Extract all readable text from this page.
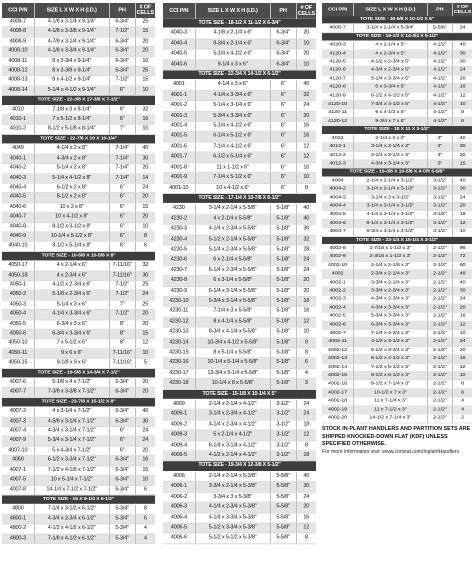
CCI P/N	SIZE L X W X H (I.D.)	PH	# OF CELLS
4008-7	4-1/8 x 3-1/4 x 9-1/4"	6-3/4"	25
4008-8	4-1/8 x 3-3/8 x 9-1/4"	7-1/2"	15
4008-9	4-7/8 x 3-1/4 x 9-1/4"	6-3/4"	20
4008-10	4-1/8 x 3-3/4 x 9-1/4"	6-3/4"	20
4008-11	8 x 3-3/4 x 9-1/4"	6-3/4"	10
4008-12	8 x 3-3/8 x 9-1/4"	6-3/4"	25
4008-13	8 x 4-1/2 x 9-1/4"	7-1/2"	15
4008-14	5-1/4 x 4-1/2 x 9-1/4"	6"	10
TOTE SIZE - 22-3/8 X 17-3/8 X 7-1/2"			
4010	7-1/8 x 3 x 8-1/4"	6"	32
4010-1	7 x 5-1/2 x 8-1/4"	6"	16
4010-2	8-1/2 x 5-1/8 x 8-1/4"	7"	10
TOTE SIZE - 22-7/8 X 10 X 10-1/4"			
4040	4-1/4 x 2 x 8"	7-1/4"	40
4040-1	4-3/4 x 2 x 8"	7-1/4"	30
4040-2	5-1/4 x 2 x 8"	7-1/4"	20
4040-3	5-1/4 x 4-1/2 x 8"	7-1/4"	14
4040-4	6-1/2 x 2 x 8"	6"	24
4040-5	8-1/2 x 2 x 8"	6"	20
4040-6	10 x 2 x 8"	6"	15
4040-7	10 x 4-1/2 x 8"	6"	20
4040-8	8-1/2 x 3-1/2 x 8"	6"	10
4040-9	10-1/4 x 5-1/2 x 8"	6"	8
4040-10	8-1/2 x 5-1/4 x 8"	6"	6
TOTE SIZE - 10-5/8 X 10-5/8 X 8"			
4050-17	4 x 2-1/4 x 6"	7-11/16"	32
4050-18	4 x 2-3/4 x 6"	7-11/16"	30
4050-1	4-1/2 x 2-3/4 x 6"	7-1/2"	25
4050-2	5-1/8 x 2-3/4 x 6"	7-1/2"	24
4050-3	5-1/4 x 3 x 6"	7"	25
4050-4	4-1/4 x 3-3/4 x 6"	7-1/2"	20
4050-5	6-3/4 x 3 x 6"	8"	20
4050-6	6-3/4 x 3-3/4 x 6"	8"	15
4050-10	7 x 5-1/2 x 6"	8"	12
4050-11	9 x 6 x 6"	7-11/16"	10
4050-15	9-1/8 x 9 x 6"	7-11/16"	5
TOTE SIZE - 19-5/8 X 14-3/4 X 7-1/2"			
4007-6	5-1/8 x 4 x 7-1/2"	6-3/4"	20
4007-7	7-3/8 x 3-3/8 x 7-1/2"	6-3/4"	20
TOTE SIZE - 23-7/8 X 15-1/2 X 8"			
4007-2	4 x 3-1/4 x 7-1/2"	6-3/4"	40
4007-3	4-5/8 x 3-1/4 x 7-1/2"	6-3/4"	30
4007-4	4-3/4 x 3-1/4 x 7-1/2"	6"	24
4007-9	5-3/4 x 3-1/4 x 7-1/2"	6"	24
4007-10	5 x 4-3/4 x 7-1/2"	6"	20
4060	6-1/2 x 3-3/4 x 7-1/2"	6-3/4"	16
4007-1	7-1/2 x 4-1/8 x 7-1/2"	6-3/4"	15
4007-5	10 x 5-1/4 x 7-1/2"	6-3/4"	10
4007-8	14-1/4 x 7-1/2 x 7-1/2"	6-3/4"	6
TOTE SIZE - 15 X 9-1/4 X 6-1/2"			
4800	7-1/4 x 3-1/2 x 6-1/2"	5-3/4"	8
4800-1	4-3/4 x 2-3/4 x 6-1/2"	5-3/4"	6
4800-2	4-1/2 x 4-1/2 x 6-1/2"	5-3/4"	4
4800-3	7-1/8 x 4-1/2 x 6-1/2"	5-3/4"	4
CCI P/N	SIZE L X W X H (I.D.)	PH	# OF CELLS
TOTE SIZE - 18-1/2 X 11-1/2 X 6-3/4"			
4040-3	4-1/8 x 2-1/4 x 6"	6-3/4"	20
4040-4	8-3/4 x 2-1/4 x 6"	6-3/4"	10
4040-5	5-1/4 x 4-1/2 x 6"	6-3/4"	20
4040-6	9-1/4 x 3 x 6"	6-3/4"	10
TOTE SIZE - 22-3/4 X 14-1/2 X 6-1/2"			
4001	4-1/4 x 3 x 6"	6"	40
4001-1	4-1/4 x 3-3/4 x 6"	6"	32
4001-2	5-1/4 x 3-1/4 x 6"	6"	24
4001-3	5-3/4 x 3-3/4 x 6"	6"	20
4001-4	5-1/4 x 4-1/2 x 6"	6"	16
4001-5	6-1/4 x 5-1/2 x 6"	6"	16
4001-6	7-1/4 x 4-1/2 x 6"	6"	12
4001-7	6-1/2 x 5-1/4 x 6"	6"	12
4001-8	11 x 1-1/2 x 6"	6"	10
4001-9	7-1/4 x 5-1/2 x 6"	6"	10
4001-10	10 x 4-1/2 x 6"	6"	8
TOTE SIZE - 17-1/4 X 10-7/8 X 6-1/2"			
4230	3-1/4 x 2-1/4 x 5-5/8"	5-1/8"	40
4230-2	4 x 2-1/4 x 5-5/8"	5-1/8"	40
4230-3	4-1/4 x 2-3/4 x 5-5/8"	5-1/8"	30
4230-4	5-1/2 x 2-1/4 x 5-5/8"	5-1/8"	32
4230-5	5-1/4 x 2-3/4 x 5-5/8"	5-1/8"	28
4230-6	6 x 2-1/4 x 5-5/8"	5-1/8"	24
4230-7	6-1/4 x 2-3/4 x 5-5/8"	5-1/8"	24
4230-8	6 x 3-1/4 x 5-5/8"	5-1/8"	20
4230-9	6-1/4 x 3-1/4 x 5-5/8"	5-1/8"	20
4230-10	5-3/4 x 3-1/4 x 5-5/8"	5-1/8"	18
4230-11	7-1/4 x 3 x 5-5/8"	5-1/8"	16
4230-12	8 x 4-1/4 x 5-5/8"	5-1/8"	12
4230-13	8-3/4 x 4-1/4 x 5-5/8"	5-1/8"	10
4230-14	10-3/4 x 4-1/2 x 5-5/8"	5-1/8"	9
4230-15	8 x 5-1/4 x 5-5/8"	5-1/8"	8
4230-16	10-1/4 x 5-1/4 x 5-5/8"	5-1/8"	6
4230-17	13-3/4 x 5-1/4 x 5-5/8"	5-1/8"	4
4230-18	10-1/4 x 8 x 5-5/8"	5-1/8"	3
TOTE SIZE - 15-1/8 X 10-1/4 X 5"			
4009	2-1/4 x 2-1/4 x 4-1/2"	3-1/2"	24
4009-1	3-1/4 x 2-3/4 x 4-1/2"	3-1/2"	24
4009-2	4-1/4 x 2-3/4 x 4-1/2"	3-1/2"	18
4009-3	5 x 2-1/4 x 4-1/2"	3-1/2"	12
4009-4	6-1/4 x 3-1/4 x 4-1/2"	3-1/2"	8
4009-5	4-1/2 x 2-1/4 x 4-1/2"	3-1/2"	18
TOTE SIZE - 19-3/4 X 12-3/8 X 5-1/2"			
4006	2-1/4 x 2-1/4 x 5-3/8"	5-5/8"	40
4006-1	3-3/4 x 2-1/4 x 5-3/8"	5-5/8"	30
4006-2	3-3/4 x 3 x 5-3/8"	5-5/8"	24
4006-3	4-1/4 x 2-3/4 x 5-3/8"	5-5/8"	20
4006-4	4-1/4 x 3-3/4 x 5-3/8"	5-5/8"	16
4006-5	5-1/2 x 3-3/4 x 5-3/8"	5-5/8"	12
4006-6	5-1/2 x 5-1/2 x 5-3/8"	5-5/8"	8
CCI P/N	SIZE L X W X H (I.D.)	PH	# OF CELLS
TOTE SIZE - 16-5/8 X 10-1/2 X 6"			
4006-7	3-1/4 x 2-1/4 x 5-3/4"	5-5/8"	24
TOTE SIZE - 19-1/2 X 14-3/4 X 5-1/2"			
4020-3	4 x 2-1/4 x 5"	4-1/2"	40
4120-4	4 x 2-3/4 x 5"	4-1/2"	30
4120-5	4-1/2 x 2-3/4 x 5"	4-1/2"	30
4120-6	4-3/4 x 2-3/4 x 5"	4-1/2"	24
4120-7	5-1/4 x 3-3/4 x 5"	4-1/2"	20
4120-8	6 x 3-3/4 x 5"	4-1/2"	16
4120-9	6-1/2 x 4-1/2 x 5"	4-1/2"	12
4120-10	7-3/4 x 4-1/2 x 5"	4-1/2"	10
4120-11	9 x 4-1/2 x 5"	4-1/2"	8
4120-12	9-3/4 x 7 x 5"	4-1/2"	6
TOTE SIZE - 18 X 11 X 3-1/2"			
4012	2-1/4 x 2 x 3"	3"	40
4012-1	3-1/4 x 2-1/4 x 3"	3"	30
4012-2	3-1/4 x 3-1/4 x 3"	3"	20
4012-3	4-3/4 x 3-1/4 x 3"	3"	15
TOTE SIZE - 19-3/8 X 10-5/8 X 4 OR 5-5/8"			
4004	2-1/4 x 2-1/4 x 3-1/2"	3-1/2"	40
4004-2	3-1/4 x 2-1/4 x 3-1/2"	3-1/2"	30
4004-3	3-1/4 x 3 x 3-1/2"	3-1/2"	24
4004-4	3-1/4 x 3-1/4 x 3-1/2"	3-1/2"	20
4004-5	4-1/4 x 3-1/4 x 3-1/2"	3-1/2"	16
4004-6	6-1/4 x 3-1/4 x 3-1/2"	3-1/2"	12
4004-7	6-3/4 x 3-1/4 x 3-1/2"	3-1/2"	10
TOTE SIZE - 23-1/4 X 15-1/4 X 3-1/2"			
4002-8	1-7/16 x 1-1/2 x 3"	2-1/2"	96
4002-9	2-3/16 x 1-1/2 x 3"	2-1/2"	72
4002-10	2-1/4 x 2-1/8 x 3"	2-1/2"	60
4002	2-3/4 x 2-1/4 x 3"	2-1/2"	48
4002-1	3-3/4 x 2-1/4 x 3"	2-1/2"	40
4002-2	3-3/4 x 2-3/4 x 3"	2-1/2"	30
4002-3	4-3/4 x 2-3/4 x 3"	2-1/2"	24
4002-4	4-3/4 x 3-3/4 x 3"	2-1/2"	20
4002-5	5-3/4 x 3-3/4 x 3"	2-1/2"	16
4002-6	6-3/4 x 3-3/4 x 3"	2-1/2"	12
4002-7	7-1/4 x 4-3/4 x 3"	2-1/2"	10
4002-11	4-1/2 x 3-1/2 x 3"	2-1/2"	24
4002-12	5-1/2 x 3-3/4 x 3"	2-1/2"	20
4002-13	6-1/2 x 4-1/2 x 3"	2-1/2"	16
4002-14	7-1/2 x 5-1/2 x 3"	2-1/2"	12
4002-15	8-1/2 x 6-1/2 x 3"	2-1/2"	10
4002-16	9-1/2 x 7-1/4 x 3"	2-1/2"	8
4002-17	10-1/2 x 7 x 3"	2-1/2"	6
4002-18	11 x 7-1/4 x 3"	2-1/2"	4
4002-19	11 x 7-1/2 x 3"	2-1/2"	4
4002-20	14-1/2 x 7-1/4 x 3"	2-1/2"	2

STOCK IN-PLANT HANDLERS AND PARTITION SETS ARE SHIPPED KNOCKED-DOWN FLAT (KDF) UNLESS SPECIFIED OTHERWISE.

For more information visit: www.constat.com/InplantHandlers
